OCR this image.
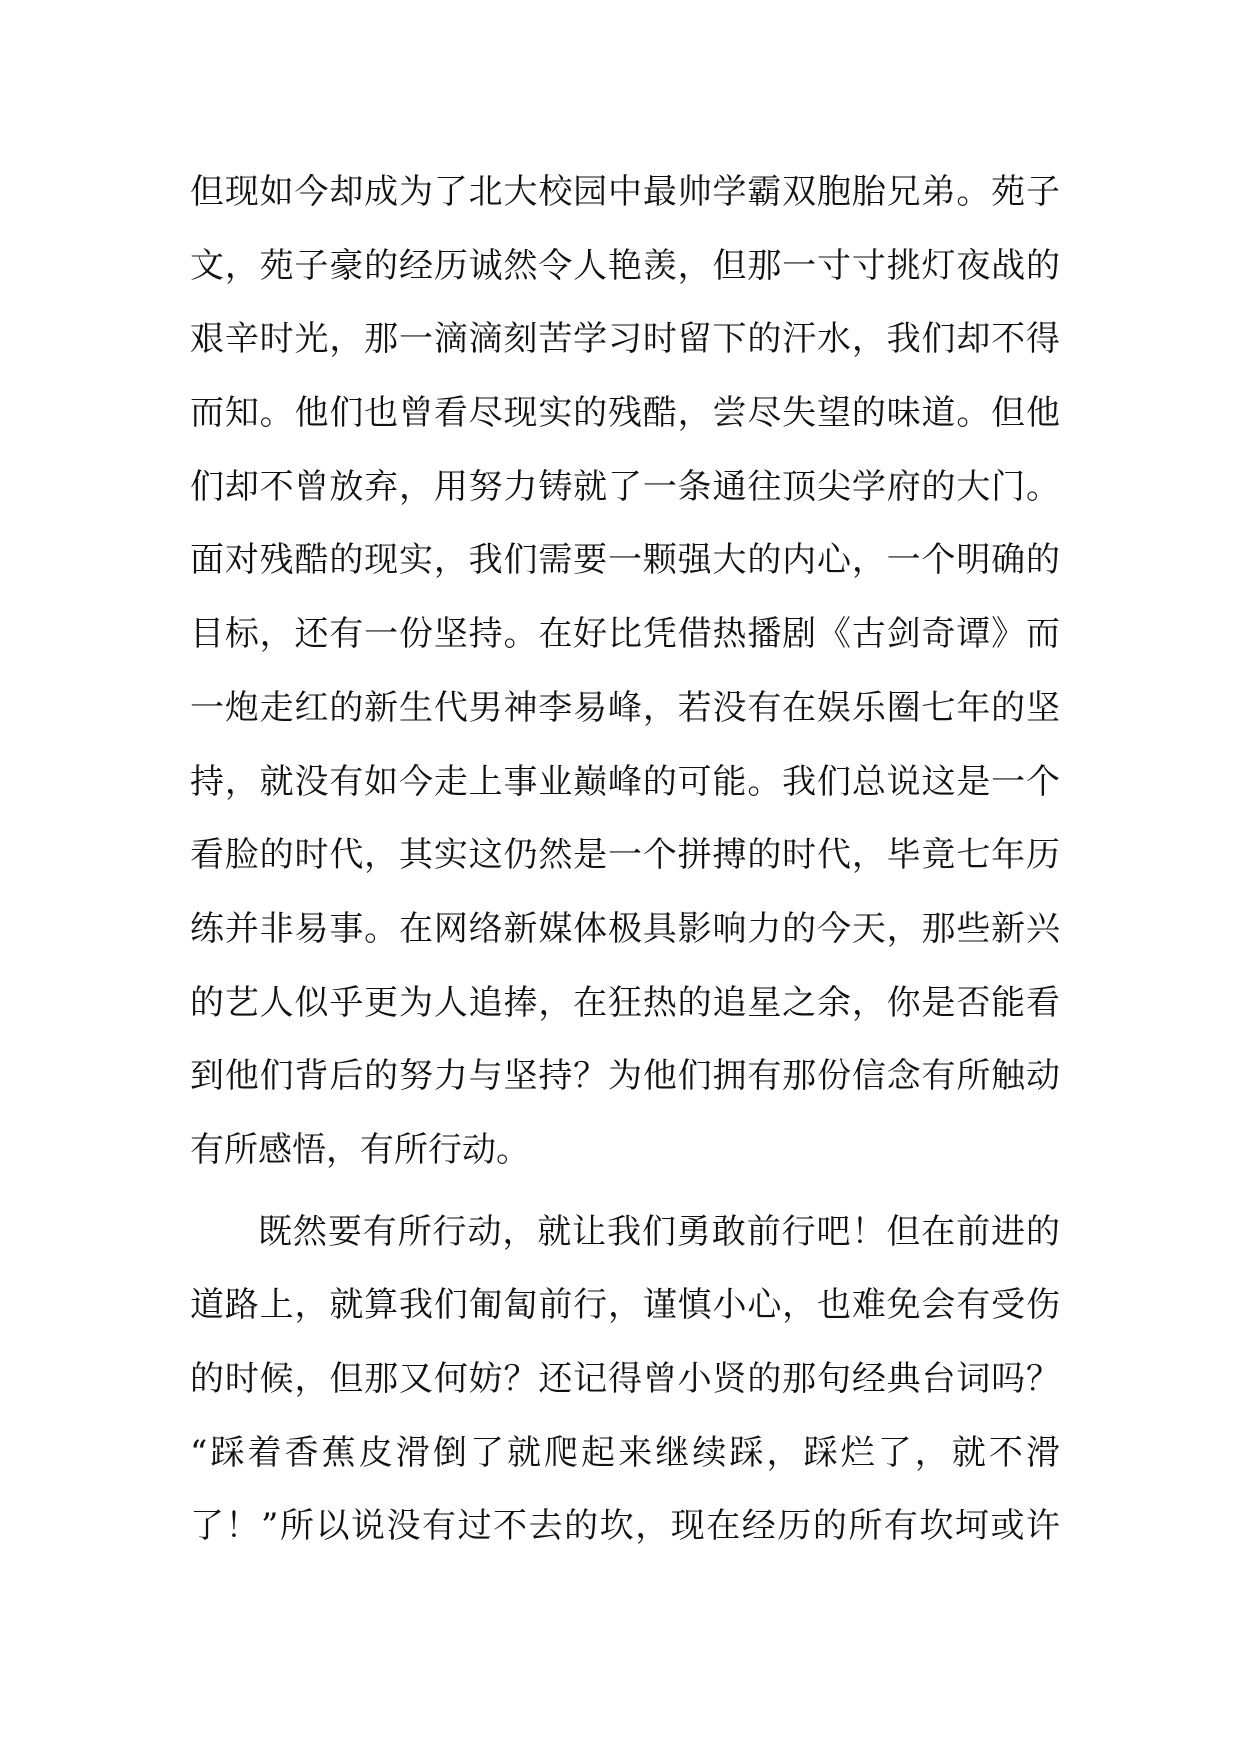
但现如今却成为了北大校园中最帅学霸双胞胎兄弟。苑子
文，苑子豪的经历诚然令人艳羡，但那一寸寸挑灯夜战的
艰辛时光，那一滴滴刻苦学习时留下的汗水，我们却不得
而知。他们也曾看尽现实的残酷，尝尽失望的味道。但他
们却不曾放弃，用努力铸就了一条通往顶尖学府的大门。
面对残酷的现实，我们需要一颗强大的内心，一个明确的
目标，还有一份坚持。在好比凭借热播剧《古剑奇谭》而
一炮走红的新生代男神李易峰，若没有在娱乐圈七年的坚
持，就没有如今走上事业巅峰的可能。我们总说这是一个
看脸的时代，其实这仍然是一个拼搏的时代，毕竟七年历
练并非易事。在网络新媒体极具影响力的今天，那些新兴
的艺人似乎更为人追捧，在狂热的追星之余，你是否能看
到他们背后的努力与坚持？为他们拥有那份信念有所触动
有所感悟，有所行动。
既然要有所行动，就让我们勇敢前行吧！但在前进的
道路上，就算我们匍匐前行，谨慎小心，也难免会有受伤
的时候，但那又何妨？还记得曾小贤的那句经典台词吗？
“踩着香蕉皮滑倒了就爬起来继续踩，踩烂了，就不滑
了！”所以说没有过不去的坎，现在经历的所有坎坷或许
